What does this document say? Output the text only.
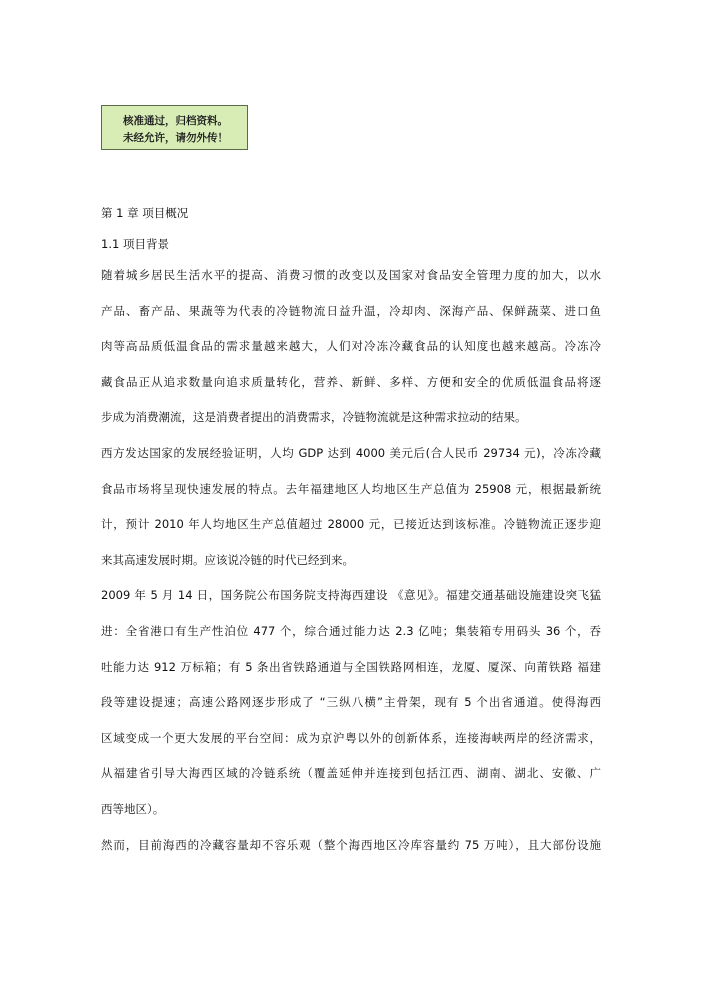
核准通过，归档资料。
未经允许，请勿外传！
第 1 章 项目概况
1.1 项目背景
随着城乡居民生活水平的提高、消费习惯的改变以及国家对食品安全管理力度的加大，以水
产品、畜产品、果蔬等为代表的冷链物流日益升温，冷却肉、深海产品、保鲜蔬菜、进口鱼
肉等高品质低温食品的需求量越来越大，人们对冷冻冷藏食品的认知度也越来越高。冷冻冷
藏食品正从追求数量向追求质量转化，营养、新鲜、多样、方便和安全的优质低温食品将逐
步成为消费潮流，这是消费者提出的消费需求，冷链物流就是这种需求拉动的结果。
西方发达国家的发展经验证明，人均 GDP 达到 4000 美元后(合人民币 29734 元)，冷冻冷藏
食品市场将呈现快速发展的特点。去年福建地区人均地区生产总值为 25908 元，根据最新统
计，预计 2010 年人均地区生产总值超过 28000 元，已接近达到该标准。冷链物流正逐步迎
来其高速发展时期。应该说冷链的时代已经到来。
2009 年 5 月 14 日，国务院公布国务院支持海西建设 《意见》。福建交通基础设施建设突飞猛
进：全省港口有生产性泊位 477 个，综合通过能力达 2.3 亿吨；集装箱专用码头 36 个，吞
吐能力达 912 万标箱；有 5 条出省铁路通道与全国铁路网相连，龙厦、厦深、向莆铁路 福建
段等建设提速；高速公路网逐步形成了 “三纵八横”主骨架，现有 5 个出省通道。使得海西
区域变成一个更大发展的平台空间：成为京沪粤以外的创新体系，连接海峡两岸的经济需求，
从福建省引导大海西区域的冷链系统（覆盖延伸并连接到包括江西、湖南、湖北、安徽、广
西等地区）。
然而，目前海西的冷藏容量却不容乐观（整个海西地区冷库容量约 75 万吨），且大部份设施
